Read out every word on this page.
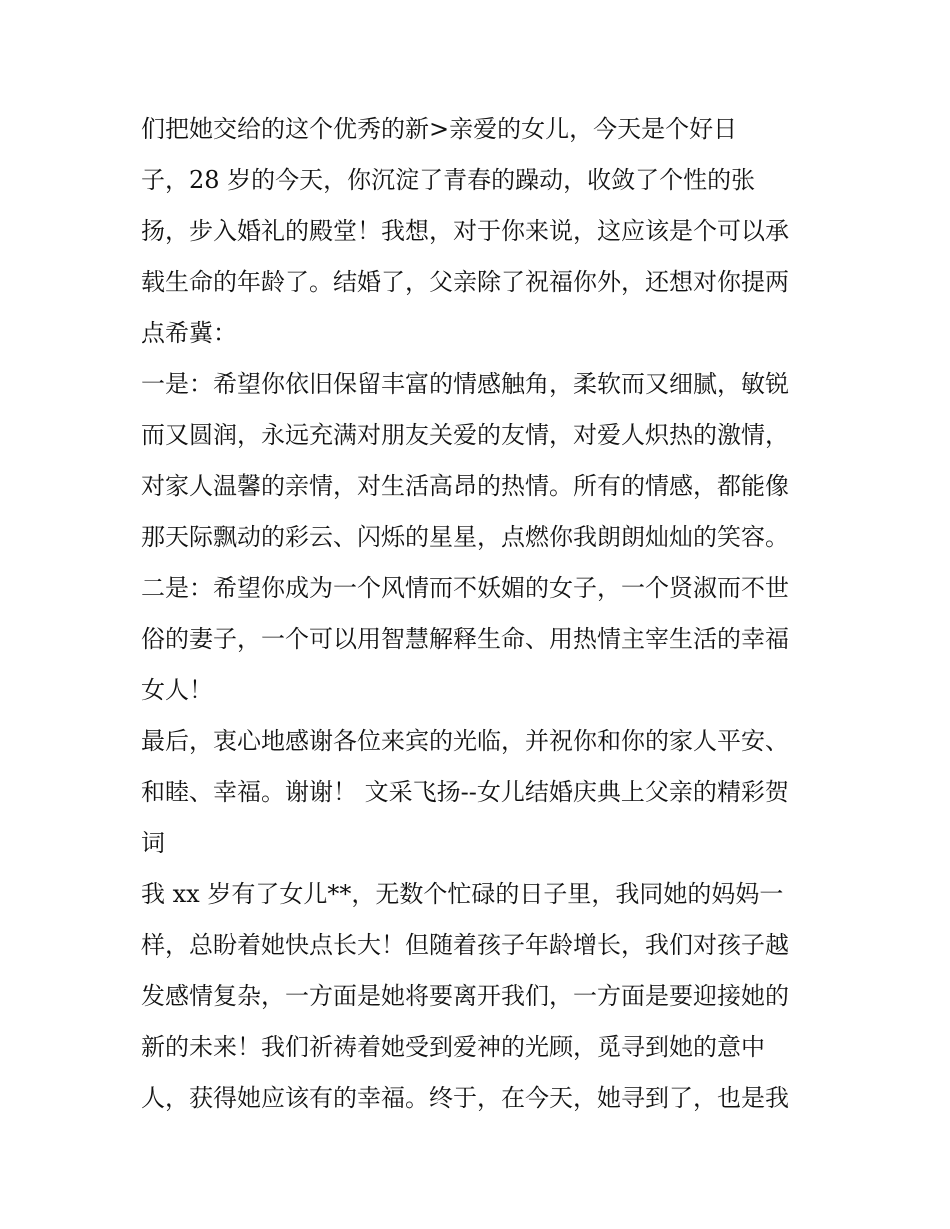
们把她交给的这个优秀的新>亲爱的女儿，今天是个好日
子，28 岁的今天，你沉淀了青春的躁动，收敛了个性的张
扬，步入婚礼的殿堂！我想，对于你来说，这应该是个可以承
载生命的年龄了。结婚了，父亲除了祝福你外，还想对你提两
点希冀：
一是：希望你依旧保留丰富的情感触角，柔软而又细腻，敏锐
而又圆润，永远充满对朋友关爱的友情，对爱人炽热的激情，
对家人温馨的亲情，对生活高昂的热情。所有的情感，都能像
那天际飘动的彩云、闪烁的星星，点燃你我朗朗灿灿的笑容。
二是：希望你成为一个风情而不妖媚的女子，一个贤淑而不世
俗的妻子，一个可以用智慧解释生命、用热情主宰生活的幸福
女人！
最后，衷心地感谢各位来宾的光临，并祝你和你的家人平安、
和睦、幸福。谢谢！ 文采飞扬--女儿结婚庆典上父亲的精彩贺
词
我 xx 岁有了女儿**，无数个忙碌的日子里，我同她的妈妈一
样，总盼着她快点长大！但随着孩子年龄增长，我们对孩子越
发感情复杂，一方面是她将要离开我们，一方面是要迎接她的
新的未来！我们祈祷着她受到爱神的光顾，觅寻到她的意中
人，获得她应该有的幸福。终于，在今天，她寻到了，也是我
